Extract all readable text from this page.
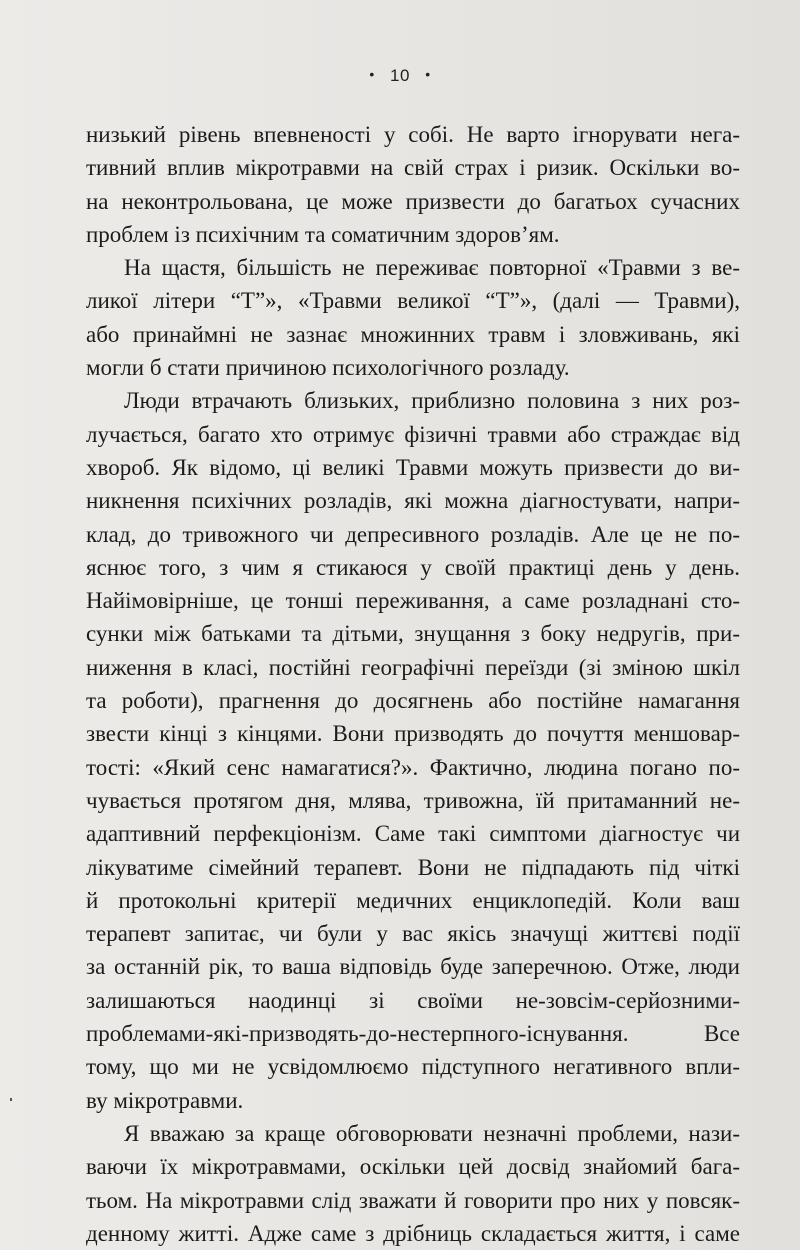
• 10 •
низький рівень впевненості у собі. Не варто ігнорувати нега-
тивний вплив мікротравми на свій страх і ризик. Оскільки во-
на неконтрольована, це може призвести до багатьох сучасних
проблем із психічним та соматичним здоров’ям.
На щастя, більшість не переживає повторної «Травми з ве-
ликої літери “Т”», «Травми великої “Т”», (далі — Травми),
або принаймні не зазнає множинних травм і зловживань, які
могли б стати причиною психологічного розладу.
Люди втрачають близьких, приблизно половина з них роз-
лучається, багато хто отримує фізичні травми або страждає від
хвороб. Як відомо, ці великі Травми можуть призвести до ви-
никнення психічних розладів, які можна діагностувати, напри-
клад, до тривожного чи депресивного розладів. Але це не по-
яснює того, з чим я стикаюся у своїй практиці день у день.
Найімовірніше, це тонші переживання, а саме розладнані сто-
сунки між батьками та дітьми, знущання з боку недругів, при-
ниження в класі, постійні географічні переїзди (зі зміною шкіл
та роботи), прагнення до досягнень або постійне намагання
звести кінці з кінцями. Вони призводять до почуття меншовар-
тості: «Який сенс намагатися?». Фактично, людина погано по-
чувається протягом дня, млява, тривожна, їй притаманний не-
адаптивний перфекціонізм. Саме такі симптоми діагностує чи
лікуватиме сімейний терапевт. Вони не підпадають під чіткі
й протокольні критерії медичних енциклопедій. Коли ваш
терапевт запитає, чи були у вас якісь значущі життєві події
за останній рік, то ваша відповідь буде заперечною. Отже, люди
залишаються наодинці зі своїми не-зовсім-серйозними-
проблемами-які-призводять-до-нестерпного-існування. Все
тому, що ми не усвідомлюємо підступного негативного впли-
ву мікротравми.
Я вважаю за краще обговорювати незначні проблеми, нази-
ваючи їх мікротравмами, оскільки цей досвід знайомий бага-
тьом. На мікротравми слід зважати й говорити про них у повсяк-
денному житті. Адже саме з дрібниць складається життя, і саме
